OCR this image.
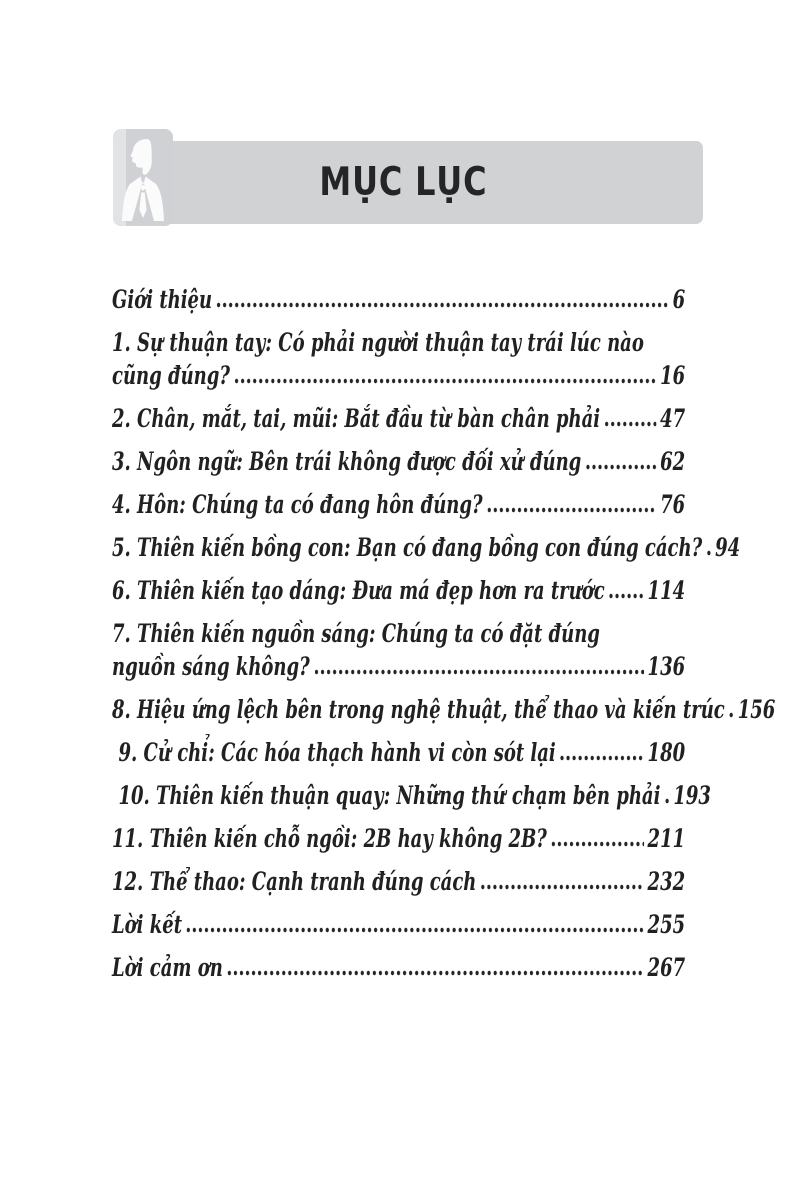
MỤC LỤC
Giới thiệu	6
1. Sự thuận tay: Có phải người thuận tay trái lúc nào
cũng đúng?	16
2. Chân, mắt, tai, mũi: Bắt đầu từ bàn chân phải 47
3. Ngôn ngữ: Bên trái không được đối xử đúng	62
4. Hôn: Chúng ta có đang hôn đúng?	76
5. Thiên kiến bồng con: Bạn có đang bồng con đúng cách? 94
6. Thiên kiến tạo dáng: Đưa má đẹp hơn ra trước 114
7. Thiên kiến nguồn sáng: Chúng ta có đặt đúng
nguồn sáng không?	136
8. Hiệu ứng lệch bên trong nghệ thuật, thể thao và kiến trúc 156
9. Cử chỉ: Các hóa thạch hành vi còn sót lại	180
10. Thiên kiến thuận quay: Những thứ chạm bên phải 193
11. Thiên kiến chỗ ngồi: 2B hay không 2B?	211
12. Thể thao: Cạnh tranh đúng cách	232
Lời kết	255
Lời cảm ơn	267
